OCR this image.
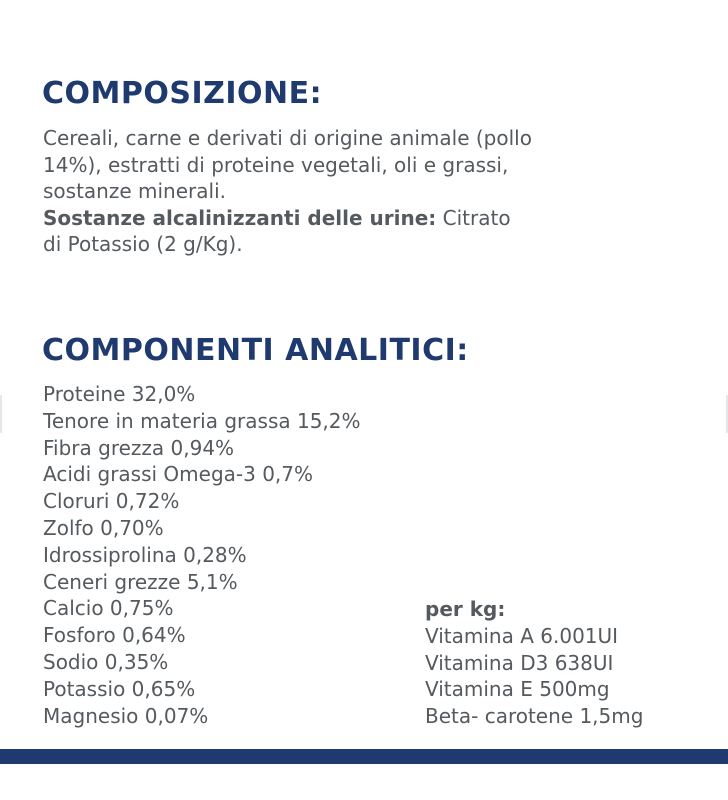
COMPOSIZIONE:

Cereali, carne e derivati di origine animale (pollo
14%), estratti di proteine vegetali, oli e grassi,
sostanze minerali.
Sostanze alcalinizzanti delle urine: Citrato
di Potassio (2 g/Kg).

COMPONENTI ANALITICI:
Proteine 32,0%
Tenore in materia grassa 15,2%
Fibra grezza 0,94%
Acidi grassi Omega-3 0,7%
Cloruri 0,72%
Zolfo 0,70%
Idrossiprolina 0,28%
Ceneri grezze 5,1%
Calcio 0,75%
Fosforo 0,64%
Sodio 0,35%
Potassio 0,65%
Magnesio 0,07%
per kg:
Vitamina A 6.001UI
Vitamina D3 638UI
Vitamina E 500mg
Beta- carotene 1,5mg
